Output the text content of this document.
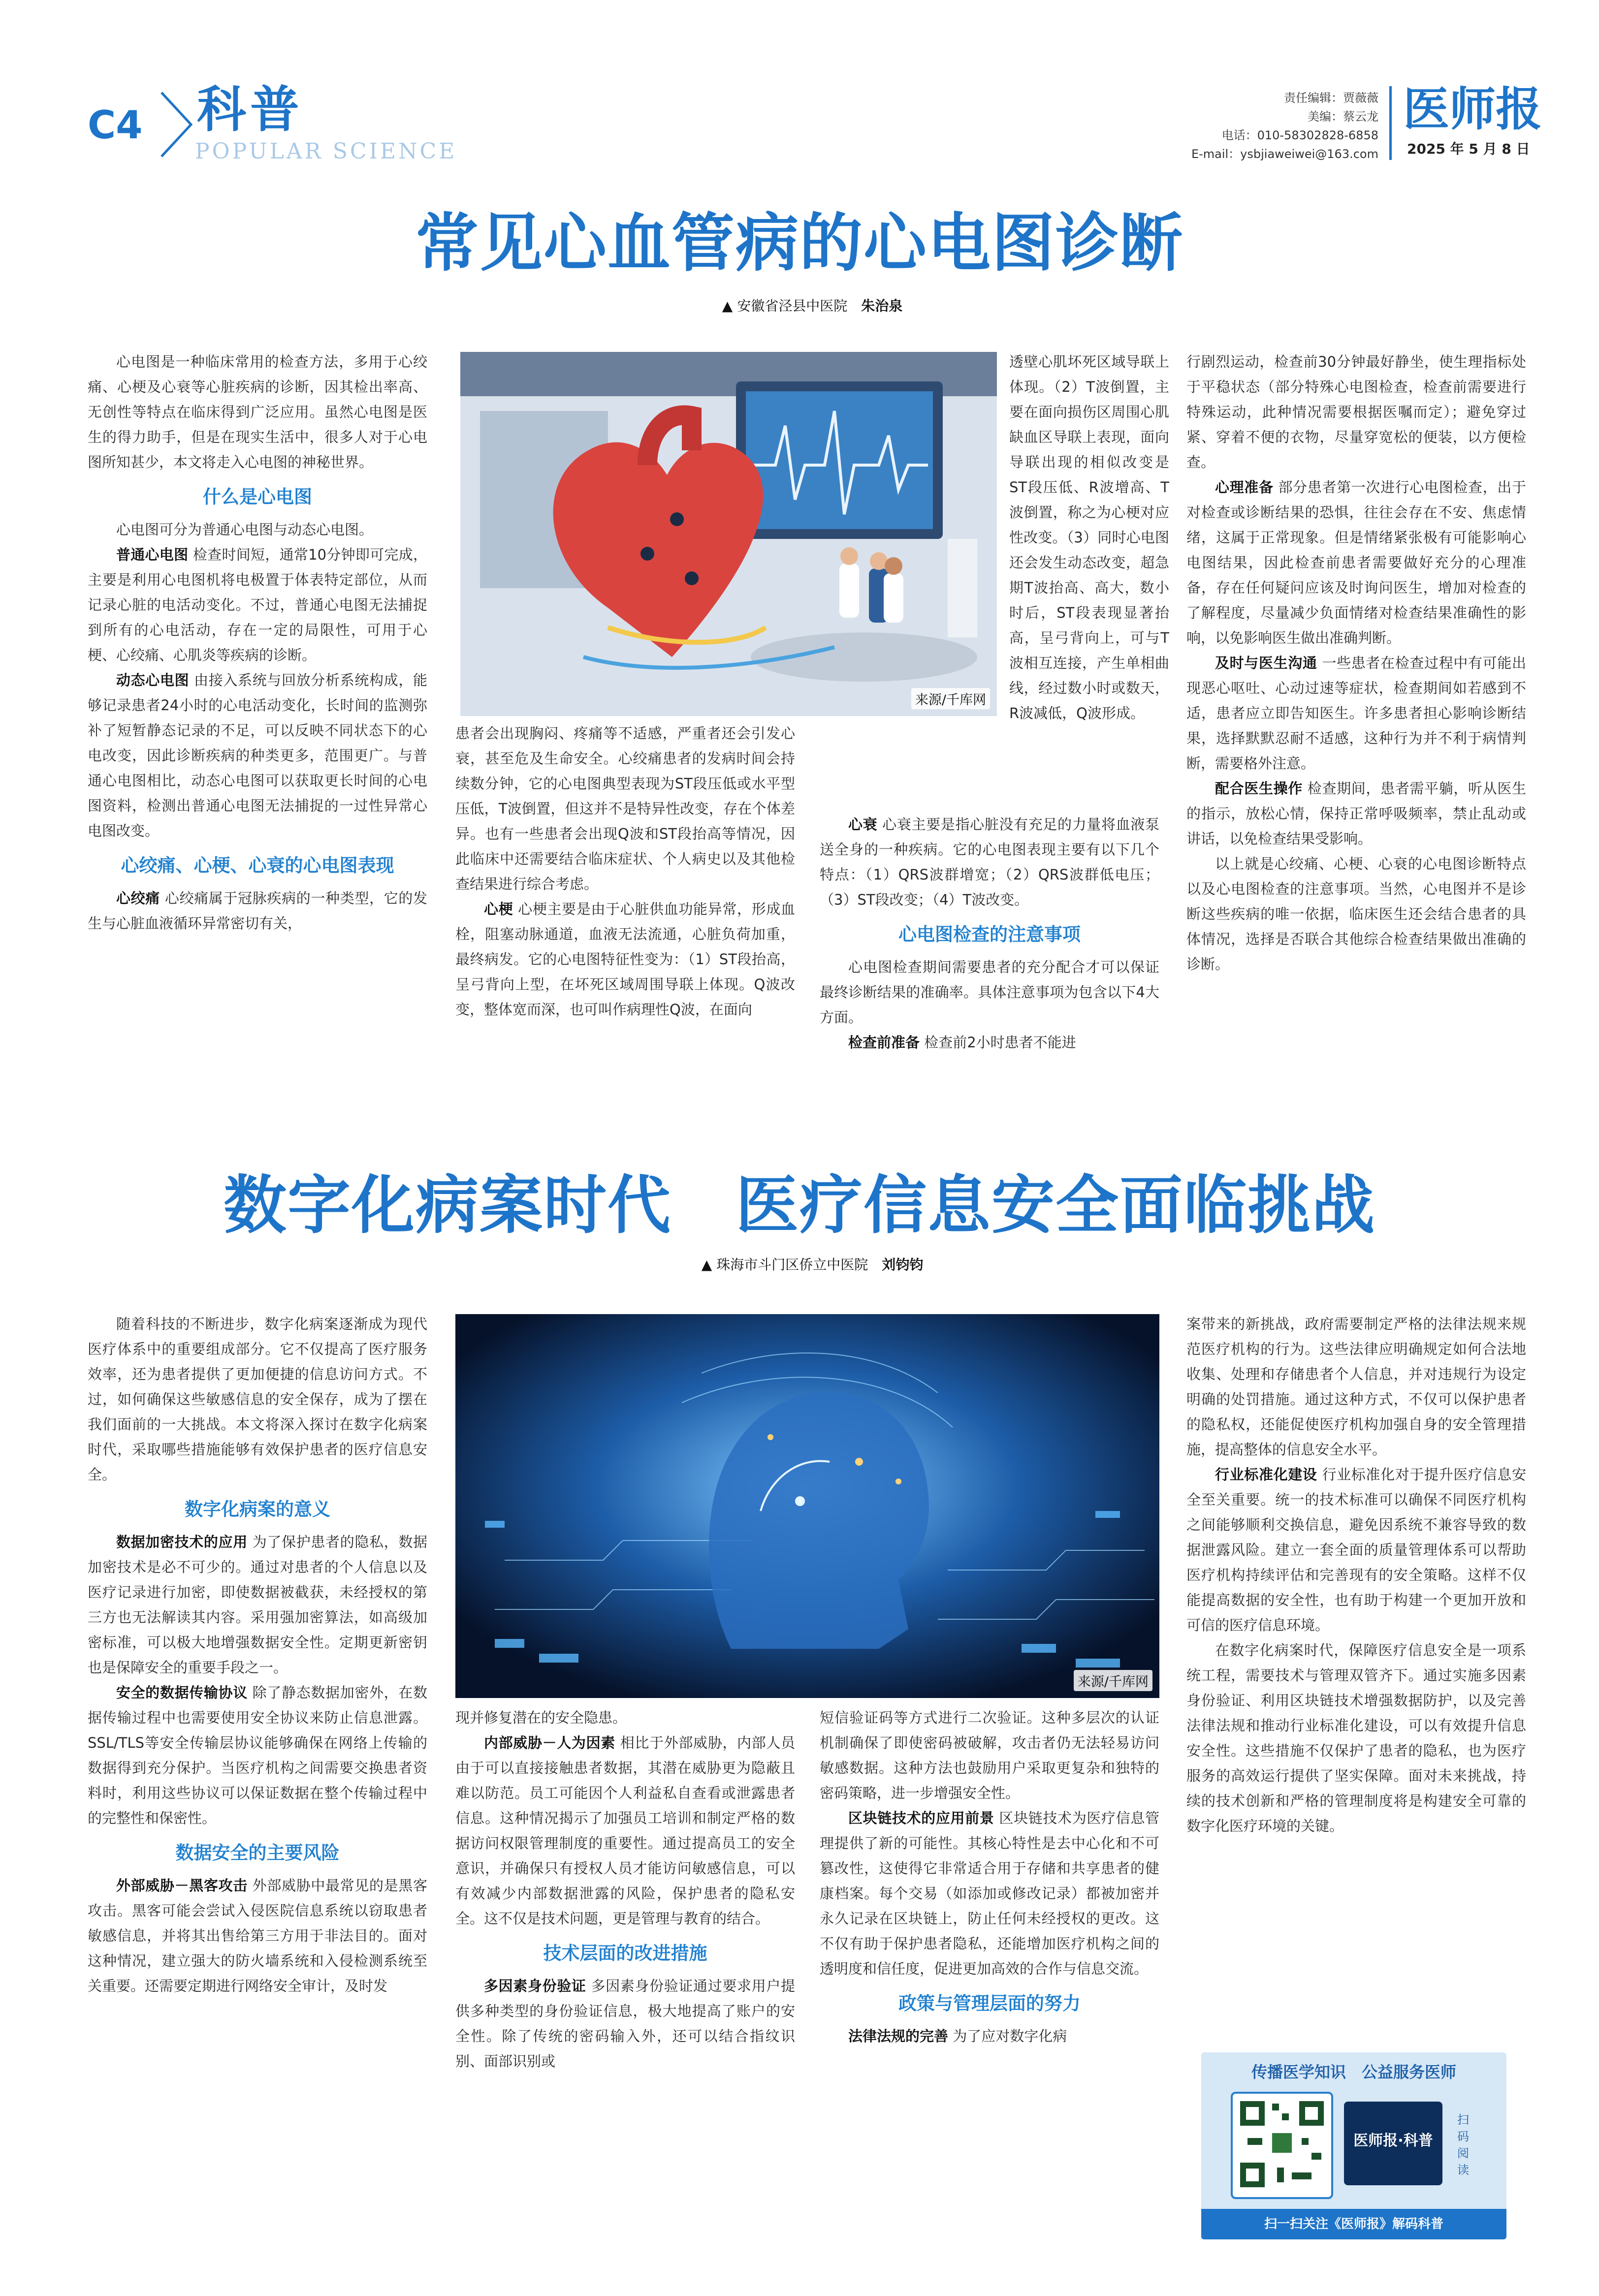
C4 科普
POPULAR SCIENCE
责任编辑：贾薇薇
美编：蔡云龙
电话：010-58302828-6858
E-mail：ysbjiaweiwei@163.com
医师报
2025 年 5 月 8 日
常见心血管病的心电图诊断
▲ 安徽省泾县中医院　 朱治泉
来源/千库网

心电图是一种临床常用的检查方法，多用于心绞痛、心梗及心衰等心脏疾病的诊断，因其检出率高、无创性等特点在临床得到广泛应用。虽然心电图是医生的得力助手，但是在现实生活中，很多人对于心电图所知甚少，本文将走入心电图的神秘世界。

什么是心电图

心电图可分为普通心电图与动态心电图。

普通心电图 检查时间短，通常10分钟即可完成，主要是利用心电图机将电极置于体表特定部位，从而记录心脏的电活动变化。不过，普通心电图无法捕捉到所有的心电活动，存在一定的局限性，可用于心梗、心绞痛、心肌炎等疾病的诊断。

动态心电图 由接入系统与回放分析系统构成，能够记录患者24小时的心电活动变化，长时间的监测弥补了短暂静态记录的不足，可以反映不同状态下的心电改变，因此诊断疾病的种类更多，范围更广。与普通心电图相比，动态心电图可以获取更长时间的心电图资料，检测出普通心电图无法捕捉的一过性异常心电图改变。

心绞痛、心梗、心衰的心电图表现

心绞痛 心绞痛属于冠脉疾病的一种类型，它的发生与心脏血液循环异常密切有关，

患者会出现胸闷、疼痛等不适感，严重者还会引发心衰，甚至危及生命安全。心绞痛患者的发病时间会持续数分钟，它的心电图典型表现为ST段压低或水平型压低，T波倒置，但这并不是特异性改变，存在个体差异。也有一些患者会出现Q波和ST段抬高等情况，因此临床中还需要结合临床症状、个人病史以及其他检查结果进行综合考虑。

心梗 心梗主要是由于心脏供血功能异常，形成血栓，阻塞动脉通道，血液无法流通，心脏负荷加重，最终病发。它的心电图特征性变为：（1）ST段抬高，呈弓背向上型，在坏死区域周围导联上体现。Q波改变，整体宽而深，也可叫作病理性Q波，在面向

透壁心肌坏死区域导联上体现。（2）T波倒置，主要在面向损伤区周围心肌缺血区导联上表现，面向导联出现的相似改变是ST段压低、R波增高、T波倒置，称之为心梗对应性改变。（3）同时心电图还会发生动态改变，超急期T波抬高、高大，数小时后，ST段表现显著抬高，呈弓背向上，可与T波相互连接，产生单相曲线，经过数小时或数天，R波减低，Q波形成。

心衰 心衰主要是指心脏没有充足的力量将血液泵送全身的一种疾病。它的心电图表现主要有以下几个特点：（1）QRS波群增宽；（2）QRS波群低电压；（3）ST段改变；（4）T波改变。

心电图检查的注意事项

心电图检查期间需要患者的充分配合才可以保证最终诊断结果的准确率。具体注意事项为包含以下4大方面。

检查前准备 检查前2小时患者不能进

行剧烈运动，检查前30分钟最好静坐，使生理指标处于平稳状态（部分特殊心电图检查，检查前需要进行特殊运动，此种情况需要根据医嘱而定）；避免穿过紧、穿着不便的衣物，尽量穿宽松的便装，以方便检查。

心理准备 部分患者第一次进行心电图检查，出于对检查或诊断结果的恐惧，往往会存在不安、焦虑情绪，这属于正常现象。但是情绪紧张极有可能影响心电图结果，因此检查前患者需要做好充分的心理准备，存在任何疑问应该及时询问医生，增加对检查的了解程度，尽量减少负面情绪对检查结果准确性的影响，以免影响医生做出准确判断。

及时与医生沟通 一些患者在检查过程中有可能出现恶心呕吐、心动过速等症状，检查期间如若感到不适，患者应立即告知医生。许多患者担心影响诊断结果，选择默默忍耐不适感，这种行为并不利于病情判断，需要格外注意。

配合医生操作 检查期间，患者需平躺，听从医生的指示，放松心情，保持正常呼吸频率，禁止乱动或讲话，以免检查结果受影响。

以上就是心绞痛、心梗、心衰的心电图诊断特点以及心电图检查的注意事项。当然，心电图并不是诊断这些疾病的唯一依据，临床医生还会结合患者的具体情况，选择是否联合其他综合检查结果做出准确的诊断。

数字化病案时代　医疗信息安全面临挑战
▲ 珠海市斗门区侨立中医院　 刘钧钧
来源/千库网

随着科技的不断进步，数字化病案逐渐成为现代医疗体系中的重要组成部分。它不仅提高了医疗服务效率，还为患者提供了更加便捷的信息访问方式。不过，如何确保这些敏感信息的安全保存，成为了摆在我们面前的一大挑战。本文将深入探讨在数字化病案时代，采取哪些措施能够有效保护患者的医疗信息安全。

数字化病案的意义

数据加密技术的应用 为了保护患者的隐私，数据加密技术是必不可少的。通过对患者的个人信息以及医疗记录进行加密，即使数据被截获，未经授权的第三方也无法解读其内容。采用强加密算法，如高级加密标准，可以极大地增强数据安全性。定期更新密钥也是保障安全的重要手段之一。

安全的数据传输协议 除了静态数据加密外，在数据传输过程中也需要使用安全协议来防止信息泄露。SSL/TLS等安全传输层协议能够确保在网络上传输的数据得到充分保护。当医疗机构之间需要交换患者资料时，利用这些协议可以保证数据在整个传输过程中的完整性和保密性。

数据安全的主要风险

外部威胁－黑客攻击 外部威胁中最常见的是黑客攻击。黑客可能会尝试入侵医院信息系统以窃取患者敏感信息，并将其出售给第三方用于非法目的。面对这种情况，建立强大的防火墙系统和入侵检测系统至关重要。还需要定期进行网络安全审计，及时发

现并修复潜在的安全隐患。

内部威胁－人为因素 相比于外部威胁，内部人员由于可以直接接触患者数据，其潜在威胁更为隐蔽且难以防范。员工可能因个人利益私自查看或泄露患者信息。这种情况揭示了加强员工培训和制定严格的数据访问权限管理制度的重要性。通过提高员工的安全意识，并确保只有授权人员才能访问敏感信息，可以有效减少内部数据泄露的风险，保护患者的隐私安全。这不仅是技术问题，更是管理与教育的结合。

技术层面的改进措施

多因素身份验证 多因素身份验证通过要求用户提供多种类型的身份验证信息，极大地提高了账户的安全性。除了传统的密码输入外，还可以结合指纹识别、面部识别或

短信验证码等方式进行二次验证。这种多层次的认证机制确保了即使密码被破解，攻击者仍无法轻易访问敏感数据。这种方法也鼓励用户采取更复杂和独特的密码策略，进一步增强安全性。

区块链技术的应用前景 区块链技术为医疗信息管理提供了新的可能性。其核心特性是去中心化和不可篡改性，这使得它非常适合用于存储和共享患者的健康档案。每个交易（如添加或修改记录）都被加密并永久记录在区块链上，防止任何未经授权的更改。这不仅有助于保护患者隐私，还能增加医疗机构之间的透明度和信任度，促进更加高效的合作与信息交流。

政策与管理层面的努力

法律法规的完善 为了应对数字化病

案带来的新挑战，政府需要制定严格的法律法规来规范医疗机构的行为。这些法律应明确规定如何合法地收集、处理和存储患者个人信息，并对违规行为设定明确的处罚措施。通过这种方式，不仅可以保护患者的隐私权，还能促使医疗机构加强自身的安全管理措施，提高整体的信息安全水平。

行业标准化建设 行业标准化对于提升医疗信息安全至关重要。统一的技术标准可以确保不同医疗机构之间能够顺利交换信息，避免因系统不兼容导致的数据泄露风险。建立一套全面的质量管理体系可以帮助医疗机构持续评估和完善现有的安全策略。这样不仅能提高数据的安全性，也有助于构建一个更加开放和可信的医疗信息环境。

在数字化病案时代，保障医疗信息安全是一项系统工程，需要技术与管理双管齐下。通过实施多因素身份验证、利用区块链技术增强数据防护，以及完善法律法规和推动行业标准化建设，可以有效提升信息安全性。这些措施不仅保护了患者的隐私，也为医疗服务的高效运行提供了坚实保障。面对未来挑战，持续的技术创新和严格的管理制度将是构建安全可靠的数字化医疗环境的关键。

传播医学知识　公益服务医师
医师报·科普
扫码阅读
扫一扫关注《医师报》解码科普
